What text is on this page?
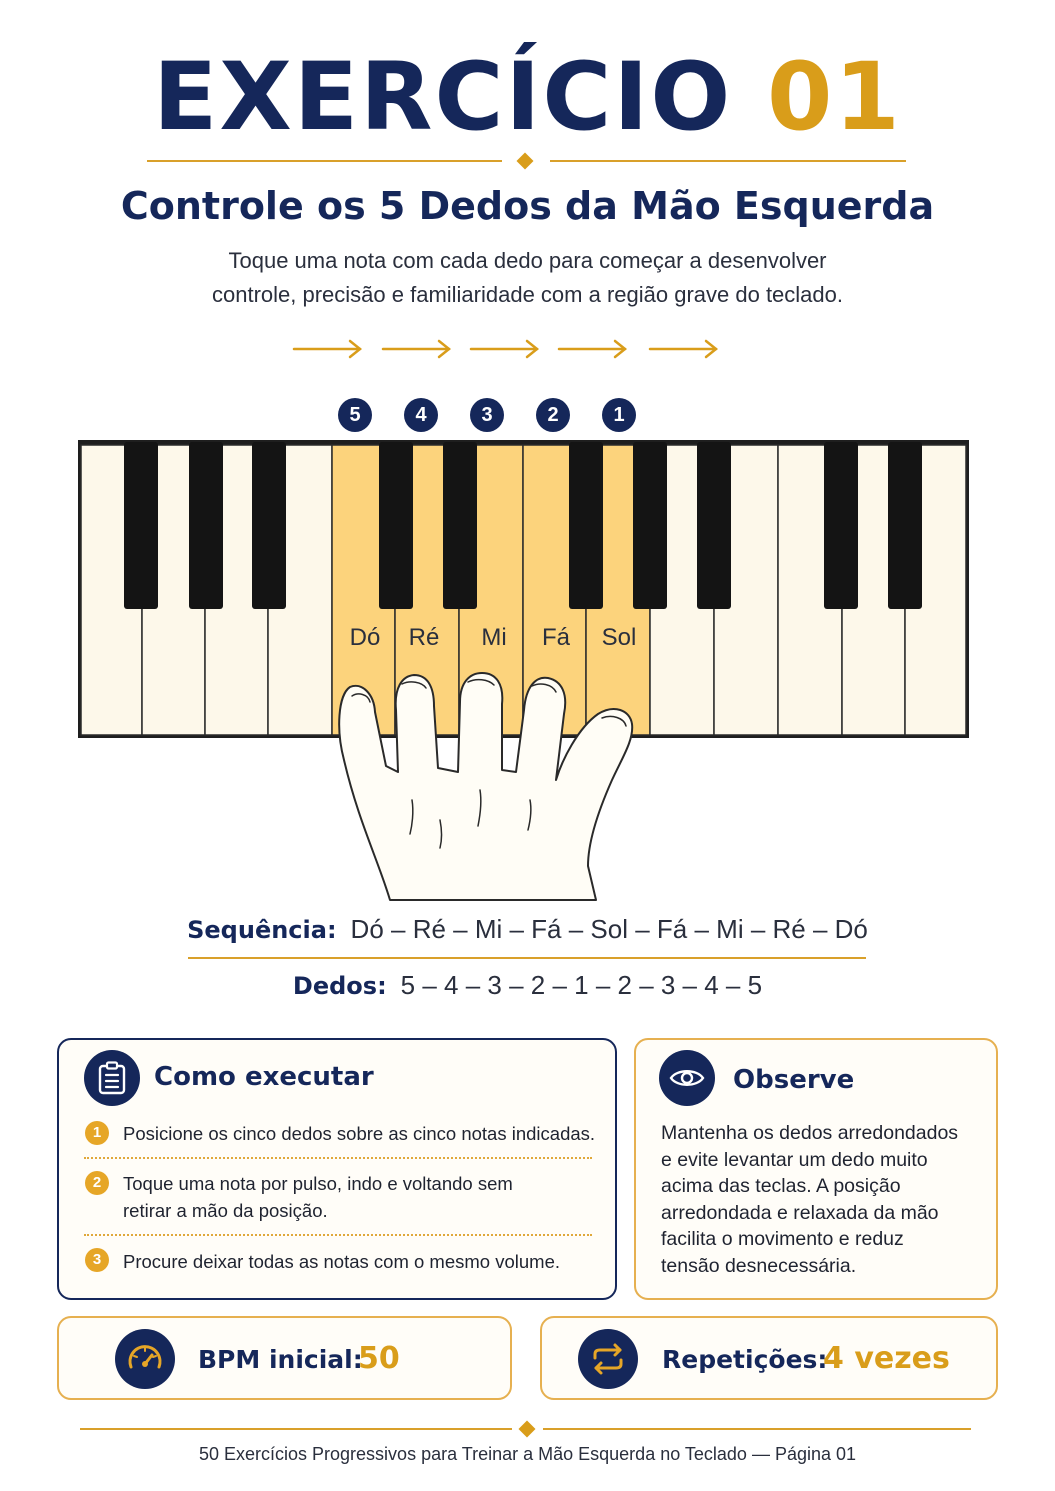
EXERCÍCIO 01
Controle os 5 Dedos da Mão Esquerda
Toque uma nota com cada dedo para começar a desenvolver
controle, precisão e familiaridade com a região grave do teclado.
5	4	3	2	1
Dó	Ré	Mi	Fá	Sol
Sequência: Dó – Ré – Mi – Fá – Sol – Fá – Mi – Ré – Dó
Dedos: 5 – 4 – 3 – 2 – 1 – 2 – 3 – 4 – 5
Como executar
1	Posicione os cinco dedos sobre as cinco notas indicadas.
2	Toque uma nota por pulso, indo e voltando sem
retirar a mão da posição.
3	Procure deixar todas as notas com o mesmo volume.
Observe
Mantenha os dedos arredondados
e evite levantar um dedo muito
acima das teclas. A posição
arredondada e relaxada da mão
facilita o movimento e reduz
tensão desnecessária.
BPM inicial:
50	Repetições:
4 vezes
50 Exercícios Progressivos para Treinar a Mão Esquerda no Teclado — Página 01
